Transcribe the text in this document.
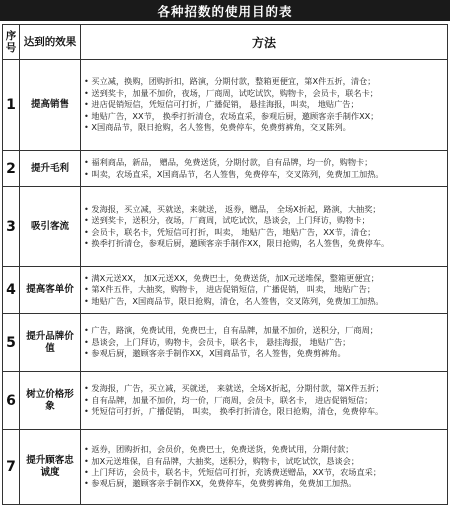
各种招数的使用目的表
序号	达到的效果	方法
1	提高销售	• 买立减，换购，团购折扣，路演，分期付款，整箱更便宜，第X件五折，清仓；
• 送到奖卡，加量不加价，夜场，厂商周，试吃试饮，购物卡，会员卡，联名卡；
• 进店促销短信，凭短信可打折，广播促销， 悬挂海报，叫卖， 地贴广告；
• 地贴广告，XX节， 换季打折清仓，农场直采，参观后厨，邀顾客亲手制作XX；
• X国商品节，限日抢购，名人签售，免费停车，免费剪裤角，交叉陈列。

2	提升毛利	• 福利商品，新品， 赠品，免费送货，分期付款，自有品牌，均一价，购物卡；
• 叫卖，农场直采，X国商品节，名人签售，免费停车，交叉陈列，免费加工加热。

3	吸引客流	• 发海报，买立减，买就送，来就送， 返券，赠品， 全场X折起，路演，大抽奖；
• 送到奖卡，送积分，夜场，厂商周，试吃试饮，恳谈会，上门拜访，购物卡；
• 会员卡，联名卡，凭短信可打折，叫卖， 地贴广告，地贴广告，XX节，清仓；
• 换季打折清仓，参观后厨，邀顾客亲手制作XX，限日抢购，名人签售，免费停车。

4	提高客单价	• 满X元送XX， 加X元送XX，免费巴士，免费送货，加X元送堆保，整箱更便宜；
• 第X件五件，大抽奖，购物卡， 进店促销短信，广播促销， 叫卖， 地贴广告；
• 地贴广告，X国商品节，限日抢购，清仓，名人签售，交叉陈列，免费加工加热。

5	提升品牌价值	• 广告，路演，免费试用，免费巴士，自有品牌，加量不加价，送积分，厂商周；
• 恳谈会，上门拜访，购物卡，会员卡，联名卡， 悬挂海报， 地贴广告；
• 参观后厨，邀顾客亲手制作XX，X国商品节，名人签售，免费剪裤角。

6	树立价格形象	• 发海报，广告，买立减，买就送， 来就送，全场X折起，分期付款，第X件五折；
• 自有品牌，加量不加价，均一价，厂商周，会员卡，联名卡， 进店促销短信；
• 凭短信可打折，广播促销， 叫卖， 换季打折清仓，限日抢购，清仓，免费停车。

7	提升顾客忠诚度	• 返券，团购折扣，会员价，免费巴士，免费送货，免费试用，分期付款；
• 加X元送堆保，自有品牌，大抽奖，送积分，购物卡，试吃试饮，恳谈会；
• 上门拜访，会员卡，联名卡，凭短信可打折，充诱费送赠品，XX节，农场直采；
• 参观后厨，邀顾客亲手制作XX，免费停车，免费剪裤角，免费加工加热。
